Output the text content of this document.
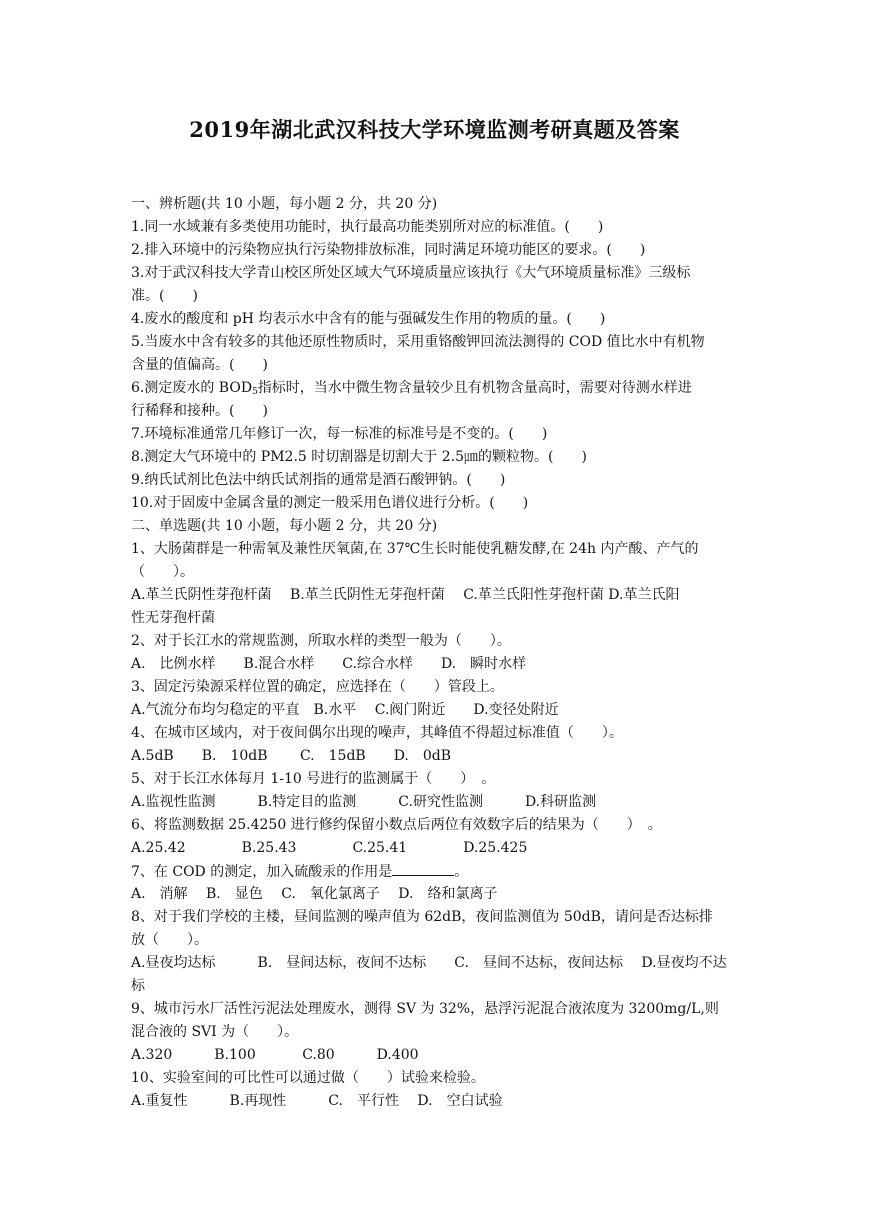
2019年湖北武汉科技大学环境监测考研真题及答案
一、辨析题(共 10 小题，每小题 2 分，共 20 分)
1.同一水域兼有多类使用功能时，执行最高功能类别所对应的标准值。(　　)
2.排入环境中的污染物应执行污染物排放标准，同时满足环境功能区的要求。(　　)
3.对于武汉科技大学青山校区所处区域大气环境质量应该执行《大气环境质量标准》三级标
准。(　　)
4.废水的酸度和 pH 均表示水中含有的能与强碱发生作用的物质的量。(　　)
5.当废水中含有较多的其他还原性物质时，采用重铬酸钾回流法测得的 COD 值比水中有机物
含量的值偏高。(　　)
6.测定废水的 $BOD_5$指标时，当水中微生物含量较少且有机物含量高时，需要对待测水样进
行稀释和接种。(　　)
7.环境标准通常几年修订一次，每一标准的标准号是不变的。(　　)
8.测定大气环境中的 PM2.5 时切割器是切割大于 2.5㎛的颗粒物。(　　)
9.纳氏试剂比色法中纳氏试剂指的通常是酒石酸钾钠。(　　)
10.对于固废中金属含量的测定一般采用色谱仪进行分析。(　　)
二、单选题(共 10 小题，每小题 2 分，共 20 分)
1、大肠菌群是一种需氧及兼性厌氧菌,在 37℃生长时能使乳糖发酵,在 24h 内产酸、产气的
（　　）。
A.革兰氏阴性芽孢杆菌　 B.革兰氏阴性无芽孢杆菌　 C.革兰氏阳性芽孢杆菌 D.革兰氏阳
性无芽孢杆菌
2、对于长江水的常规监测，所取水样的类型一般为（　　）。
A.　比例水样　　B.混合水样　　C.综合水样　　D.　瞬时水样
3、固定污染源采样位置的确定，应选择在（　　）管段上。
A.气流分布均匀稳定的平直　B.水平　 C.阀门附近　　D.变径处附近
4、在城市区域内，对于夜间偶尔出现的噪声，其峰值不得超过标准值（　　）。
A.5dB　　B.　10dB　　 C.　15dB　　D.　0dB
5、对于长江水体每月 1-10 号进行的监测属于（　　）　。
A.监视性监测　　　B.特定目的监测　　　C.研究性监测　　　D.科研监测
6、将监测数据 25.4250 进行修约保留小数点后两位有效数字后的结果为（　　）　。
A.25.42　　　　B.25.43　　　　C.25.41　　　　D.25.425
7、在 COD 的测定，加入硫酸汞的作用是	。
A.　消解　 B.　显色　 C.　氧化氯离子　 D.　络和氯离子
8、对于我们学校的主楼，昼间监测的噪声值为 62dB，夜间监测值为 50dB，请问是否达标排
放（　　）。
A.昼夜均达标　　　B.　昼间达标，夜间不达标　　C.　昼间不达标，夜间达标　 D.昼夜均不达
标
9、城市污水厂活性污泥法处理废水，测得 SV 为 32%，悬浮污泥混合液浓度为 3200mg/L,则
混合液的 SVI 为（　　）。
A.320　　　B.100　　　 C.80　　　D.400
10、实验室间的可比性可以通过做（　　）试验来检验。
A.重复性　　　B.再现性　　　C.　平行性　 D.　空白试验
